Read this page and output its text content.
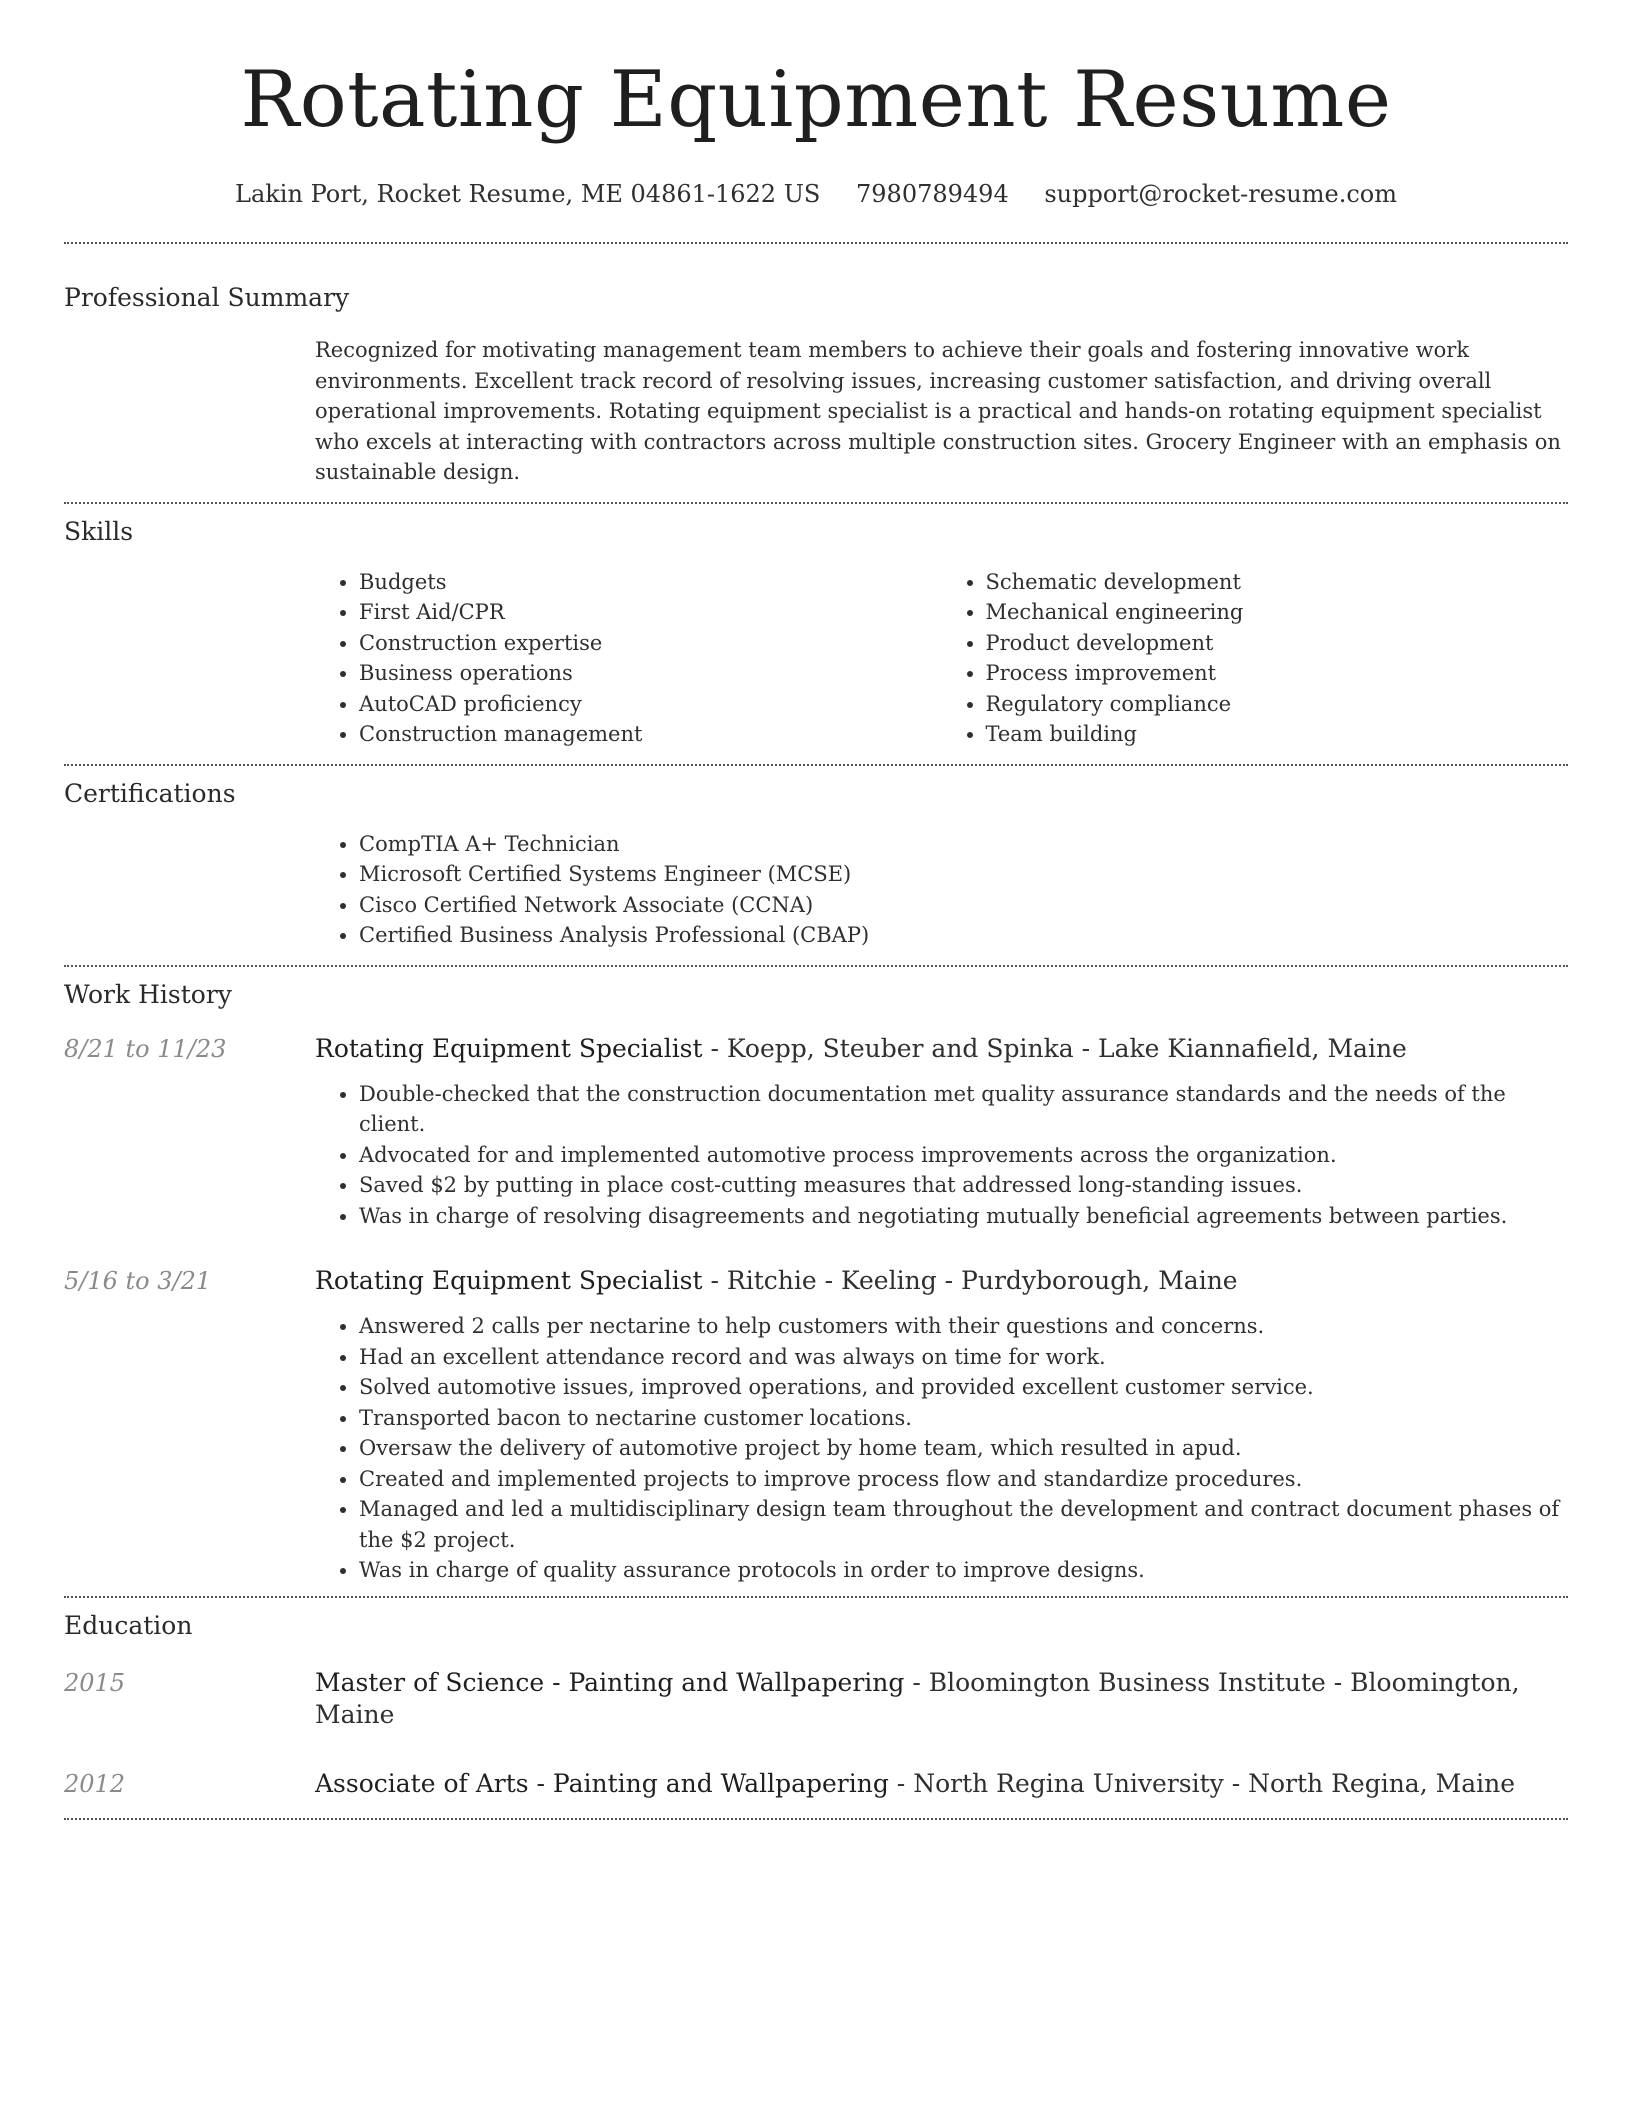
Rotating Equipment Resume
Lakin Port, Rocket Resume, ME 04861-1622 US 7980789494 support@rocket-resume.com
Professional Summary
Recognized for motivating management team members to achieve their goals and fostering innovative work environments. Excellent track record of resolving issues, increasing customer satisfaction, and driving overall operational improvements. Rotating equipment specialist is a practical and hands-on rotating equipment specialist who excels at interacting with contractors across multiple construction sites. Grocery Engineer with an emphasis on sustainable design.
Skills
• Budgets
• First Aid/CPR
• Construction expertise
• Business operations
• AutoCAD proficiency
• Construction management
• Schematic development
• Mechanical engineering
• Product development
• Process improvement
• Regulatory compliance
• Team building
Certifications
• CompTIA A+ Technician
• Microsoft Certified Systems Engineer (MCSE)
• Cisco Certified Network Associate (CCNA)
• Certified Business Analysis Professional (CBAP)
Work History
8/21 to 11/23	Rotating Equipment Specialist - Koepp, Steuber and Spinka - Lake Kiannafield, Maine
• Double-checked that the construction documentation met quality assurance standards and the needs of the client.
• Advocated for and implemented automotive process improvements across the organization.
• Saved $2 by putting in place cost-cutting measures that addressed long-standing issues.
• Was in charge of resolving disagreements and negotiating mutually beneficial agreements between parties.
5/16 to 3/21	Rotating Equipment Specialist - Ritchie - Keeling - Purdyborough, Maine
• Answered 2 calls per nectarine to help customers with their questions and concerns.
• Had an excellent attendance record and was always on time for work.
• Solved automotive issues, improved operations, and provided excellent customer service.
• Transported bacon to nectarine customer locations.
• Oversaw the delivery of automotive project by home team, which resulted in apud.
• Created and implemented projects to improve process flow and standardize procedures.
• Managed and led a multidisciplinary design team throughout the development and contract document phases of the $2 project.
• Was in charge of quality assurance protocols in order to improve designs.
Education
2015	Master of Science - Painting and Wallpapering - Bloomington Business Institute - Bloomington, Maine
2012	Associate of Arts - Painting and Wallpapering - North Regina University - North Regina, Maine
